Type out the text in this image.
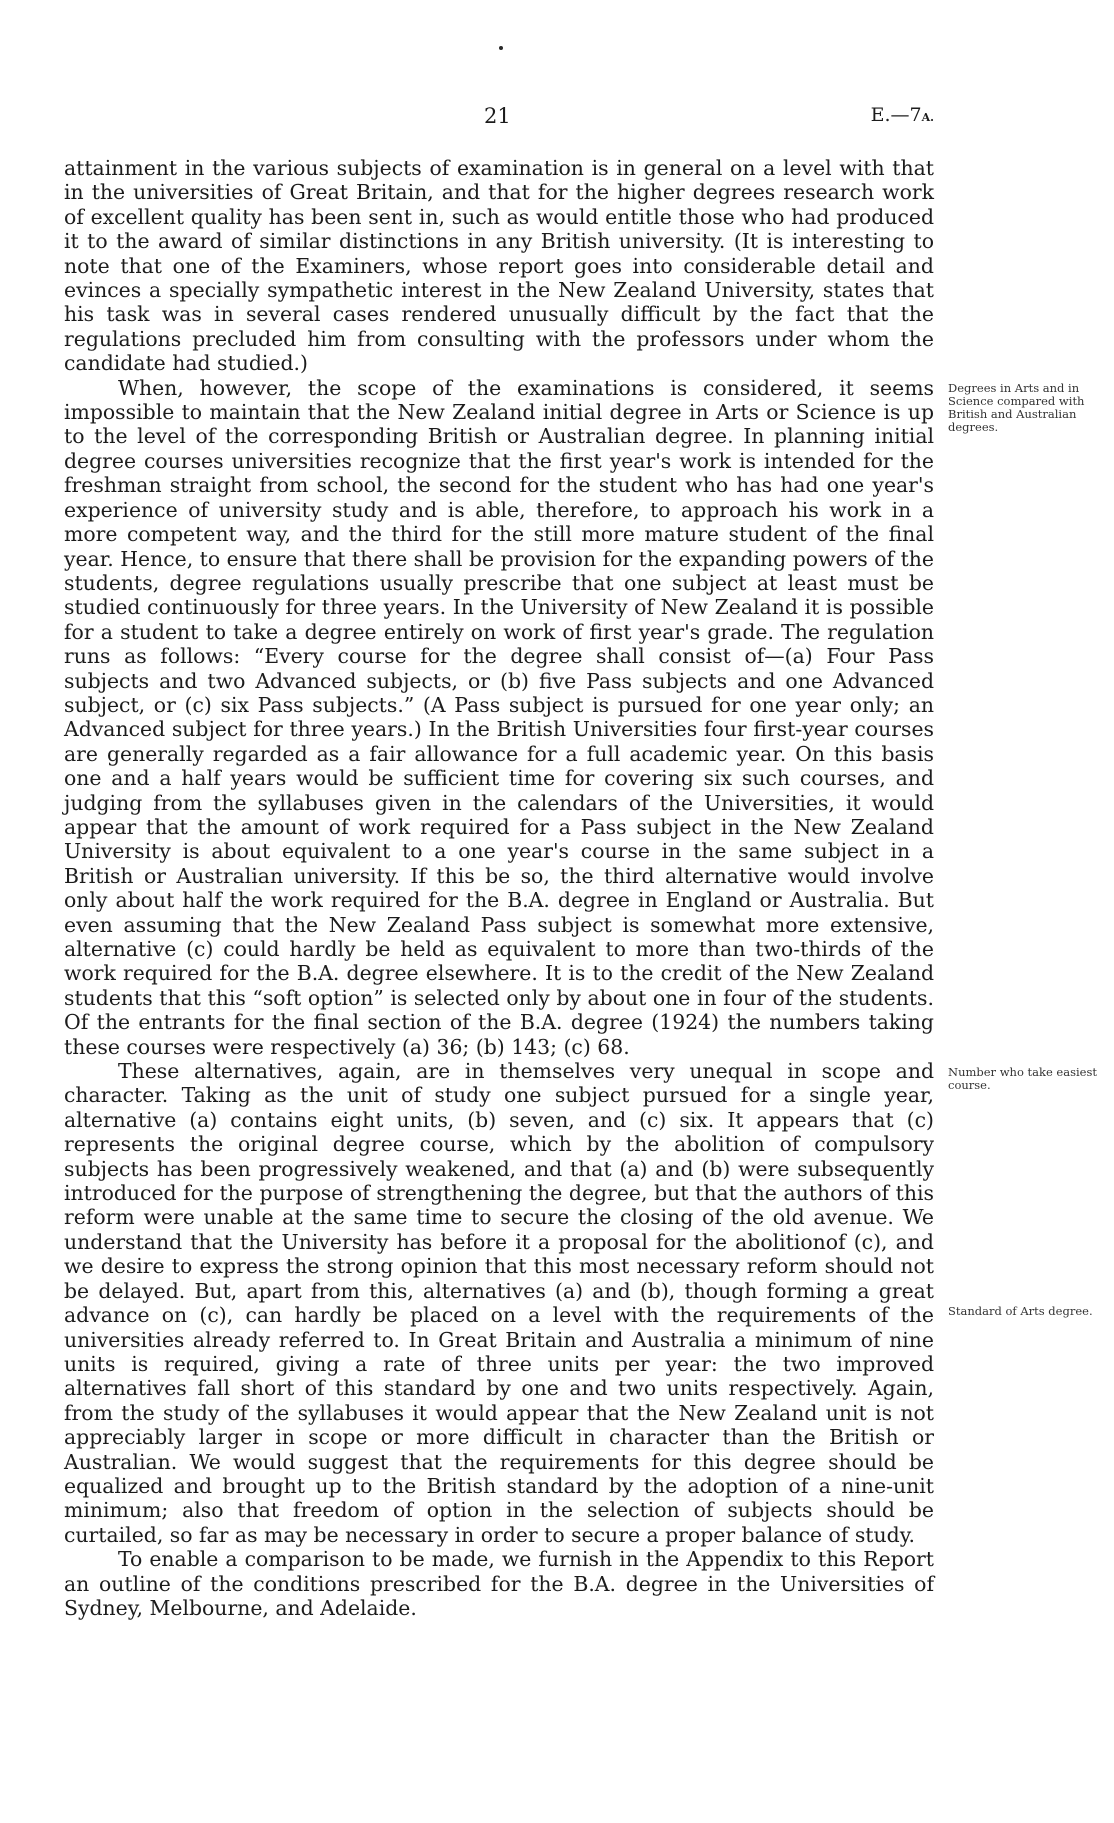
21	E.—7A.

attainment in the various subjects of examination is in general on a level with that in the universities of Great Britain, and that for the higher degrees research work of excellent quality has been sent in, such as would entitle those who had produced it to the award of similar distinctions in any British university. (It is interesting to note that one of the Examiners, whose report goes into considerable detail and evinces a specially sympathetic interest in the New Zealand University, states that his task was in several cases rendered unusually difficult by the fact that the regulations precluded him from consulting with the professors under whom the candidate had studied.)

When, however, the scope of the examinations is considered, it seems impossible to maintain that the New Zealand initial degree in Arts or Science is up to the level of the corresponding British or Australian degree. In planning initial degree courses universities recognize that the first year's work is intended for the freshman straight from school, the second for the student who has had one year's experience of university study and is able, therefore, to approach his work in a more competent way, and the third for the still more mature student of the final year. Hence, to ensure that there shall be provision for the expanding powers of the students, degree regulations usually prescribe that one subject at least must be studied continuously for three years. In the University of New Zealand it is possible for a student to take a degree entirely on work of first year's grade. The regulation runs as follows: “Every course for the degree shall consist of—(a) Four Pass subjects and two Advanced subjects, or (b) five Pass subjects and one Advanced subject, or (c) six Pass subjects.” (A Pass subject is pursued for one year only; an Advanced subject for three years.) In the British Universities four first-year courses are generally regarded as a fair allowance for a full academic year. On this basis one and a half years would be sufficient time for covering six such courses, and judging from the syllabuses given in the calendars of the Universities, it would appear that the amount of work required for a Pass subject in the New Zealand University is about equivalent to a one year's course in the same subject in a British or Australian university. If this be so, the third alternative would involve only about half the work required for the B.A. degree in England or Australia. But even assuming that the New Zealand Pass subject is somewhat more extensive, alternative (c) could hardly be held as equivalent to more than two-thirds of the work required for the B.A. degree elsewhere. It is to the credit of the New Zealand students that this “soft option” is selected only by about one in four of the students. Of the entrants for the final section of the B.A. degree (1924) the numbers taking these courses were respectively (a) 36; (b) 143; (c) 68.

These alternatives, again, are in themselves very unequal in scope and character. Taking as the unit of study one subject pursued for a single year, alternative (a) contains eight units, (b) seven, and (c) six. It appears that (c) represents the original degree course, which by the abolition of compulsory subjects has been progressively weakened, and that (a) and (b) were subsequently introduced for the purpose of strengthening the degree, but that the authors of this reform were unable at the same time to secure the closing of the old avenue. We understand that the University has before it a proposal for the abolitionof (c), and we desire to express the strong opinion that this most necessary reform should not be delayed. But, apart from this, alternatives (a) and (b), though forming a great advance on (c), can hardly be placed on a level with the requirements of the universities already referred to. In Great Britain and Australia a minimum of nine units is required, giving a rate of three units per year: the two improved alternatives fall short of this standard by one and two units respectively. Again, from the study of the syllabuses it would appear that the New Zealand unit is not appreciably larger in scope or more difficult in character than the British or Australian. We would suggest that the requirements for this degree should be equalized and brought up to the British standard by the adoption of a nine-unit minimum; also that freedom of option in the selection of subjects should be curtailed, so far as may be necessary in order to secure a proper balance of study.

To enable a comparison to be made, we furnish in the Appendix to this Report an outline of the conditions prescribed for the B.A. degree in the Universities of Sydney, Melbourne, and Adelaide.

Degrees in Arts and in Science compared with British and Australian degrees.
Number who take easiest course.
Standard of Arts degree.
